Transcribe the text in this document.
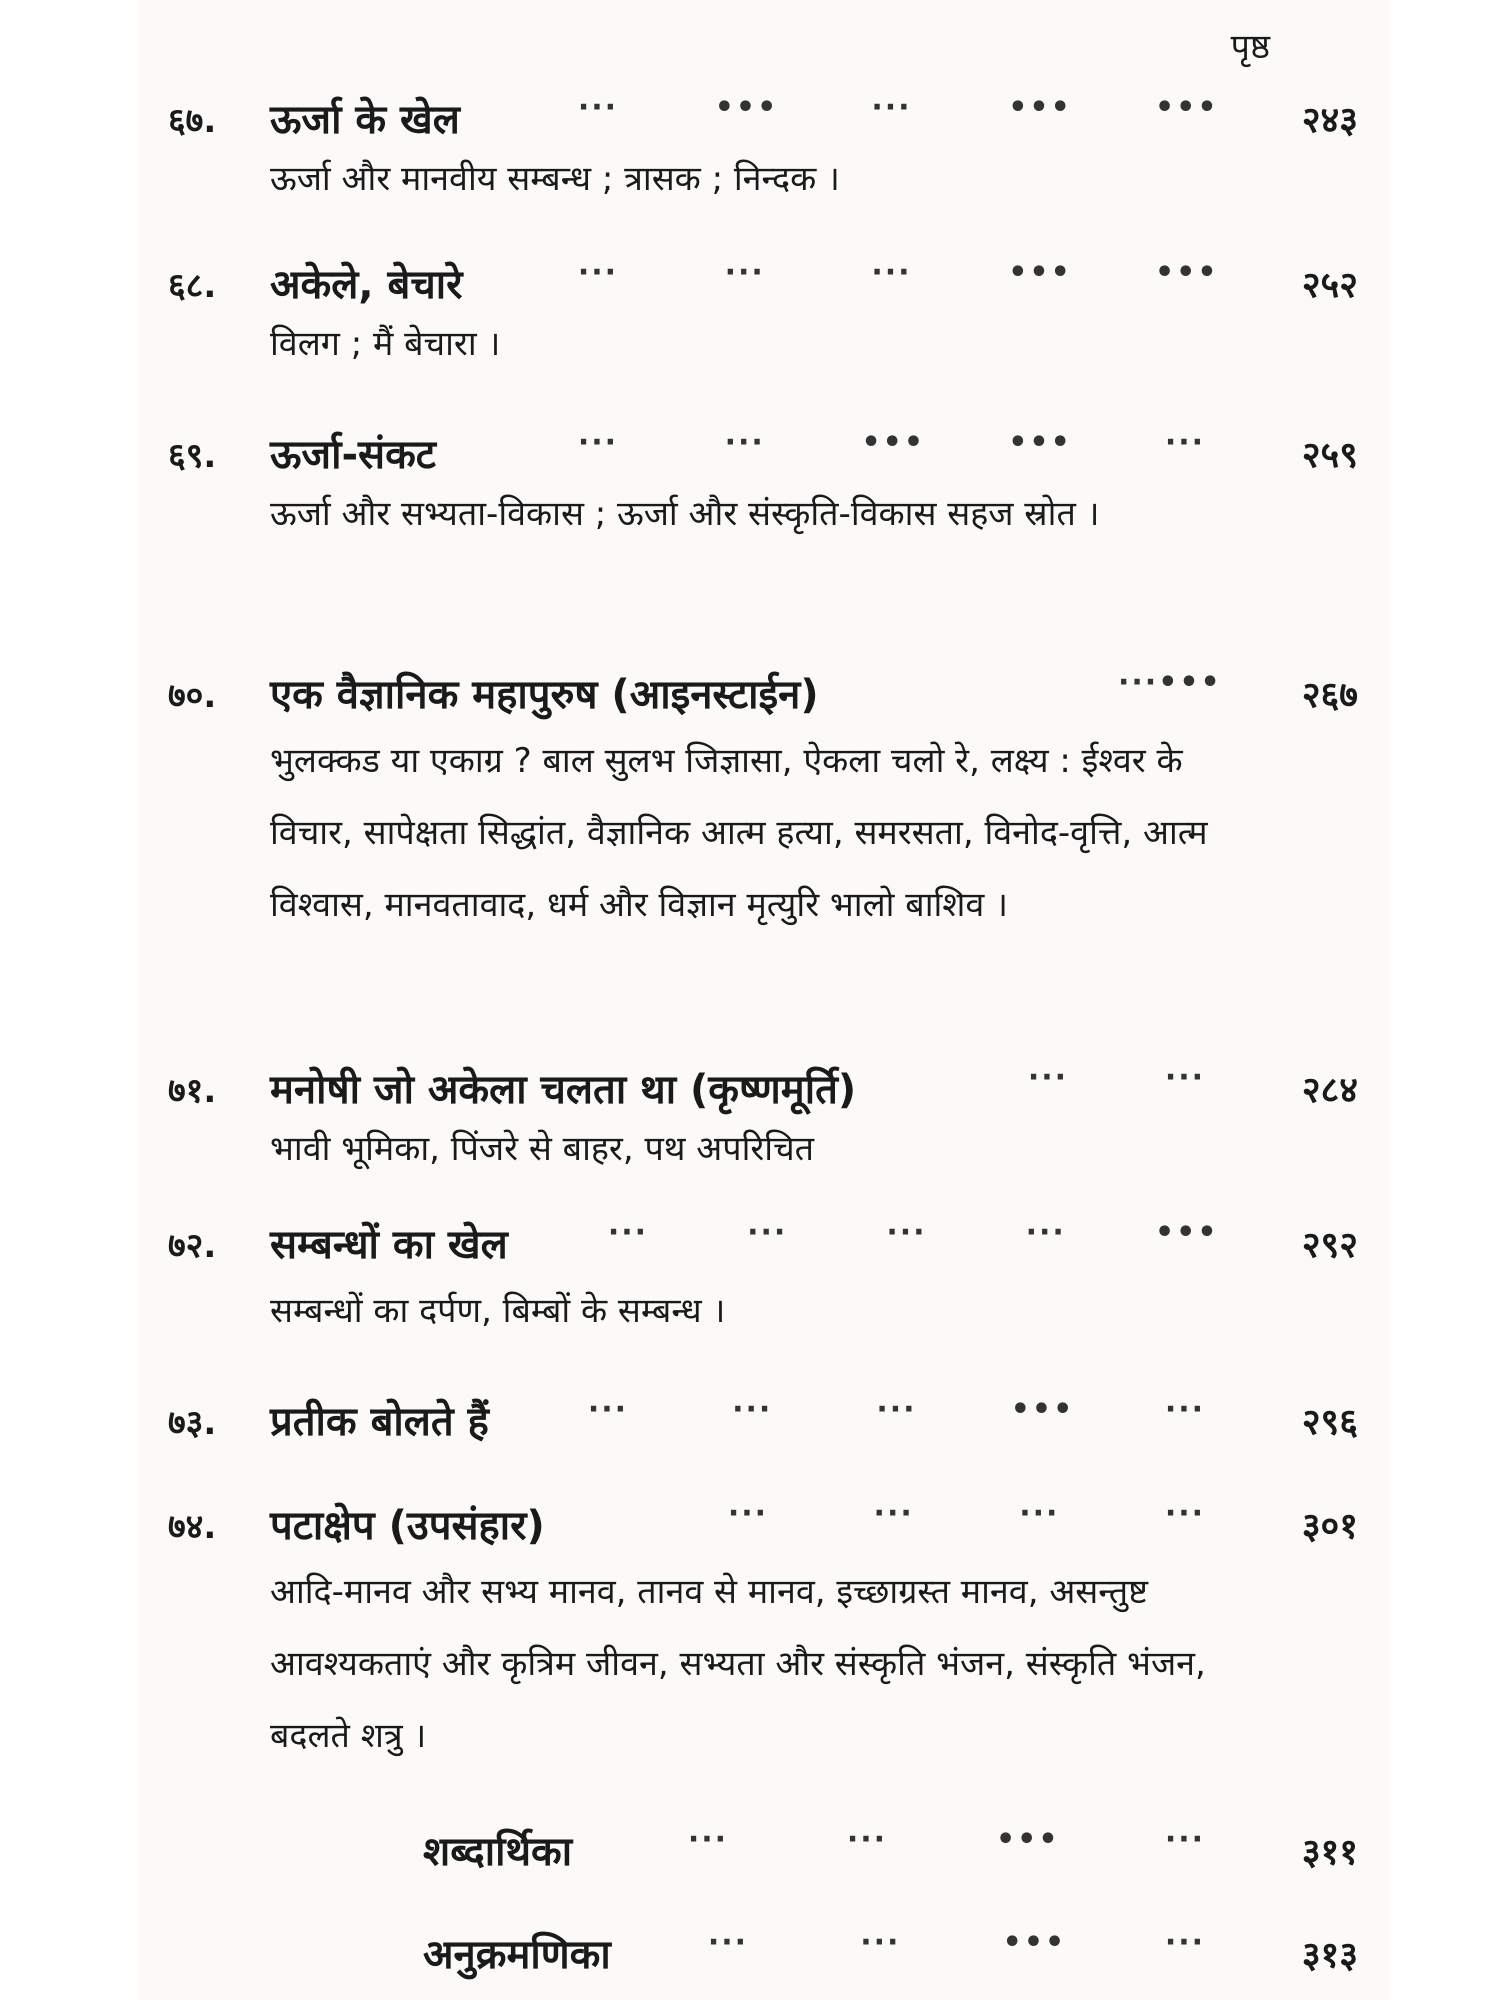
पृष्ठ
६७. ऊर्जा के खेल	···	•••	···	•••	••• २४३
ऊर्जा और मानवीय सम्बन्ध ; त्रासक ; निन्दक ।
६८. अकेले, बेचारे	···	···	···	•••	••• २५२
विलग ; मैं बेचारा ।
६९. ऊर्जा-संकट	···	···	•••	•••	···	२५९
ऊर्जा और सभ्यता-विकास ; ऊर्जा और संस्कृति-विकास सहज स्रोत ।
७०. एक वैज्ञानिक महापुरुष (आइनस्टाईन)	··· ••• २६७
भुलक्कड या एकाग्र ? बाल सुलभ जिज्ञासा, ऐकला चलो रे, लक्ष्य : ईश्वर के विचार, सापेक्षता सिद्धांत, वैज्ञानिक आत्म हत्या, समरसता, विनोद-वृत्ति, आत्म विश्वास, मानवतावाद, धर्म और विज्ञान मृत्युरि भालो बाशिव ।
७१. मनोषी जो अकेला चलता था (कृष्णमूर्ति)	···	···	२८४
भावी भूमिका, पिंजरे से बाहर, पथ अपरिचित
७२. सम्बन्धों का खेल	···	···	···	···	••• २९२
सम्बन्धों का दर्पण, बिम्बों के सम्बन्ध ।
७३. प्रतीक बोलते हैं	···	···	···	•••	···	२९६
७४. पटाक्षेप (उपसंहार)	···	···	···	···	३०१
आदि-मानव और सभ्य मानव, तानव से मानव, इच्छाग्रस्त मानव, असन्तुष्ट आवश्यकताएं और कृत्रिम जीवन, सभ्यता और संस्कृति भंजन, संस्कृति भंजन, बदलते शत्रु ।
शब्दार्थिका	···	···	•••	···	३११
अनुक्रमणिका	···	···	•••	···	३१३
